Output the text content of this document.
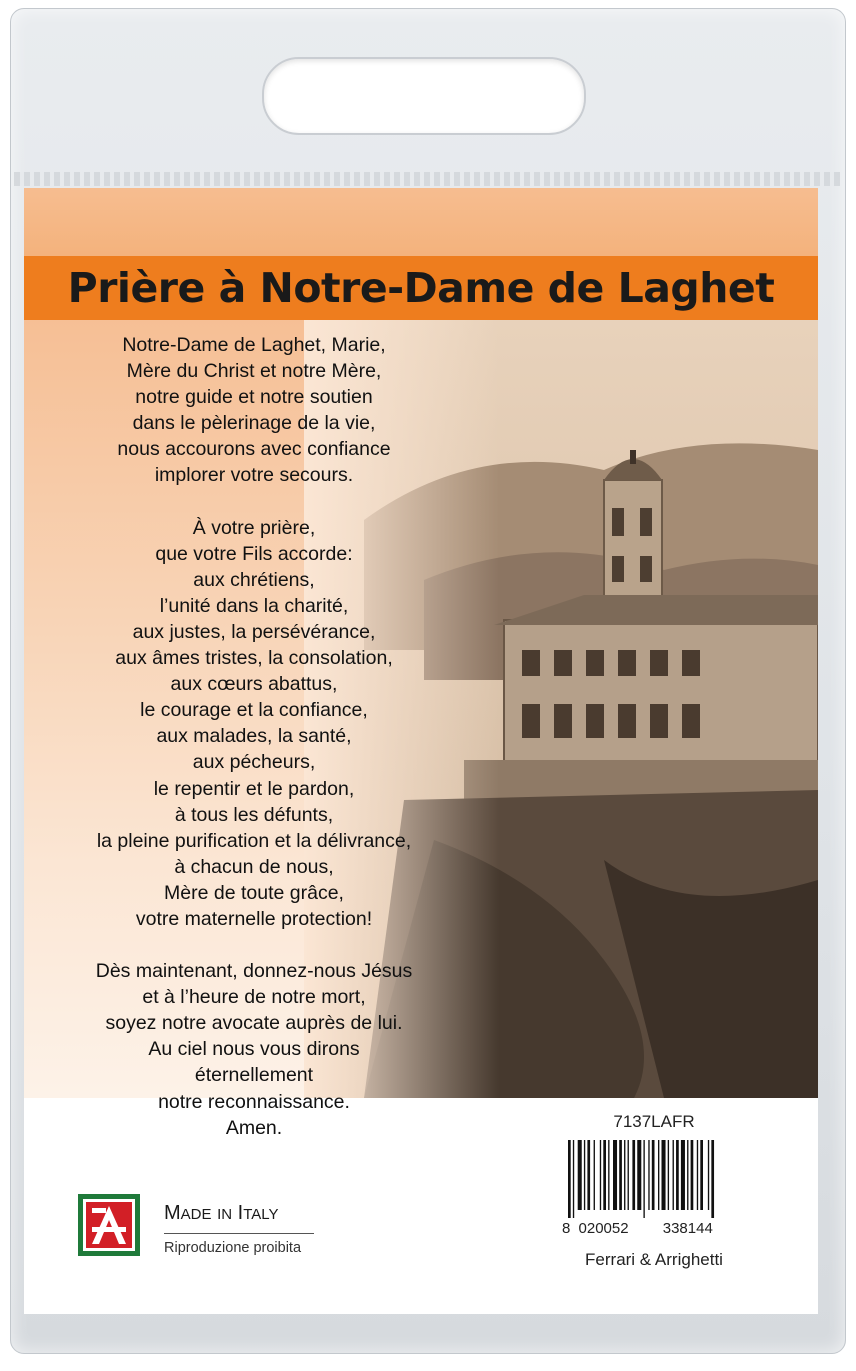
Prière à Notre-Dame de Laghet
Notre-Dame de Laghet, Marie,
Mère du Christ et notre Mère,
notre guide et notre soutien
dans le pèlerinage de la vie,
nous accourons avec confiance
implorer votre secours.
À votre prière,
que votre Fils accorde:
aux chrétiens,
l’unité dans la charité,
aux justes, la persévérance,
aux âmes tristes, la consolation,
aux cœurs abattus,
le courage et la confiance,
aux malades, la santé,
aux pécheurs,
le repentir et le pardon,
à tous les défunts,
la pleine purification et la délivrance,
à chacun de nous,
Mère de toute grâce,
votre maternelle protection!
Dès maintenant, donnez-nous Jésus
et à l’heure de notre mort,
soyez notre avocate auprès de lui.
Au ciel nous vous dirons
éternellement
notre reconnaissance.
Amen.	7137LAFR
8 020052 338144
Ferrari & Arrighetti
MADE IN ITALY
Riproduzione proibita
